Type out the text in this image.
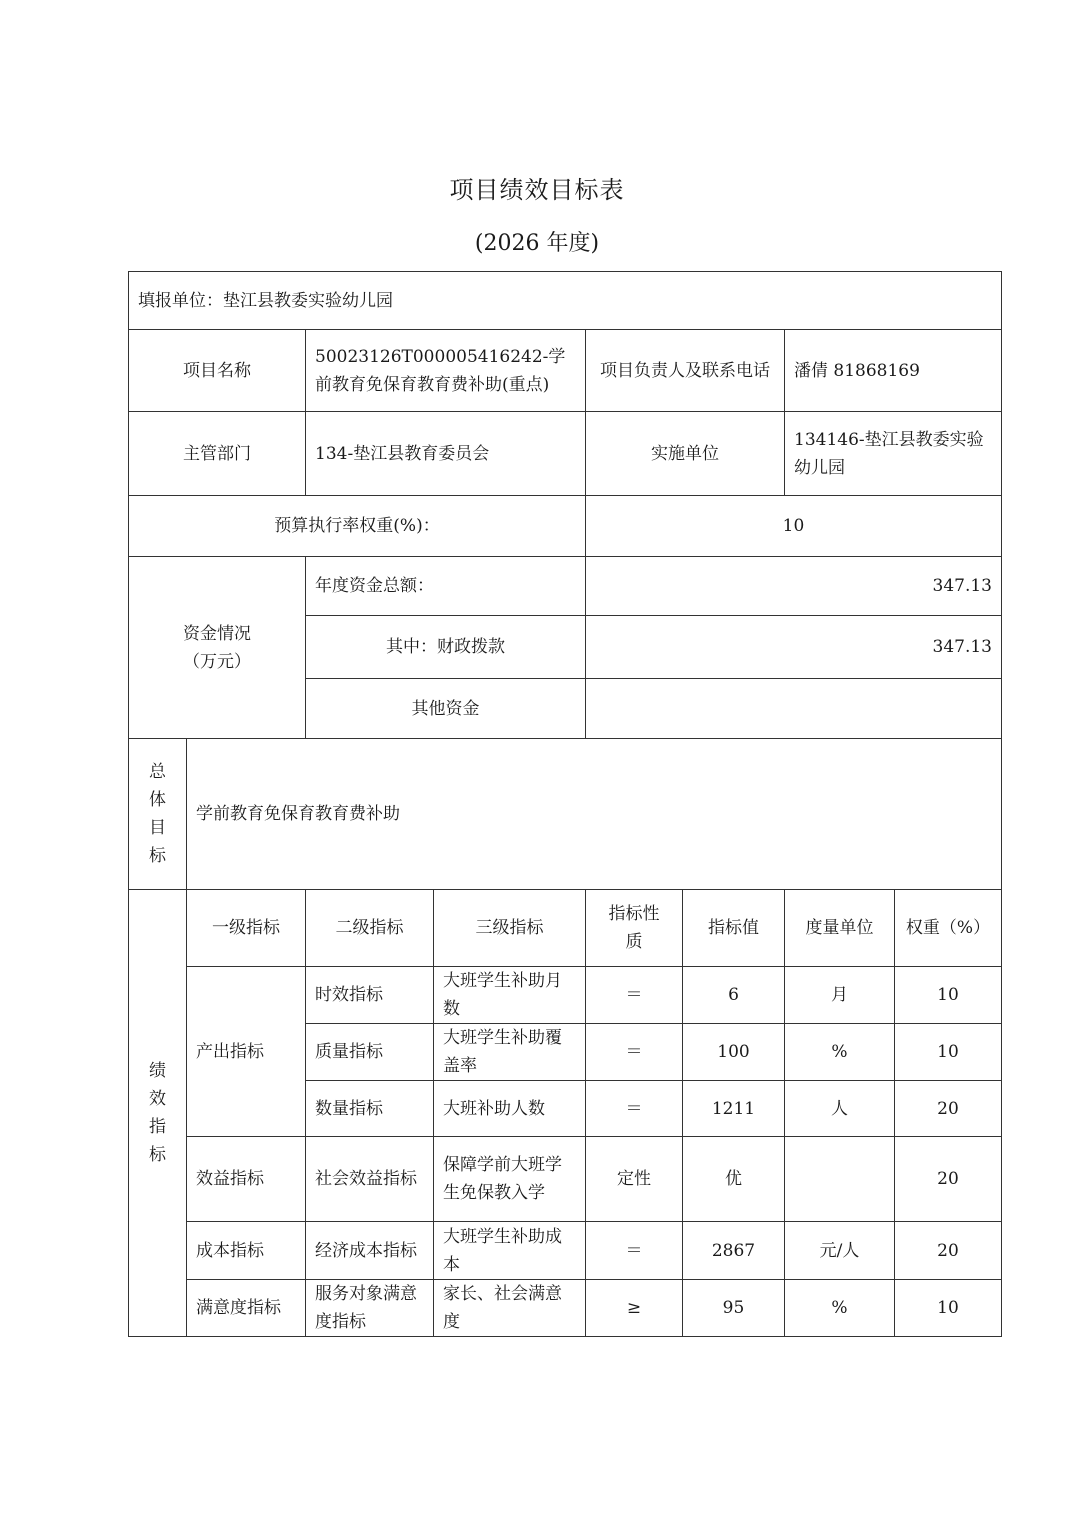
项目绩效目标表
(2026 年度)
填报单位：垫江县教委实验幼儿园							
项目名称		50023126T000005416242-学前教育免保育教育费补助(重点)		项目负责人及联系电话		潘倩 81868169	
主管部门		134-垫江县教育委员会		实施单位		134146-垫江县教委实验幼儿园	
预算执行率权重(%)：				10			

资金情况
（万元）		年度资金总额：		347.13			
		其中：财政拨款		347.13			
		其他资金					

总体目标	学前教育免保育教育费补助						

绩效指标	一级指标	二级指标	三级指标	指标性质	指标值	度量单位	权重（%）
	产出指标	时效指标	大班学生补助月数	＝	6	月	10
		质量指标	大班学生补助覆盖率	＝	100	%	10
		数量指标	大班补助人数	＝	1211	人	20
	效益指标	社会效益指标	保障学前大班学生免保教入学	定性	优		20
	成本指标	经济成本指标	大班学生补助成本	＝	2867	元/人	20
	满意度指标	服务对象满意度指标	家长、社会满意度	≥	95	%	10
